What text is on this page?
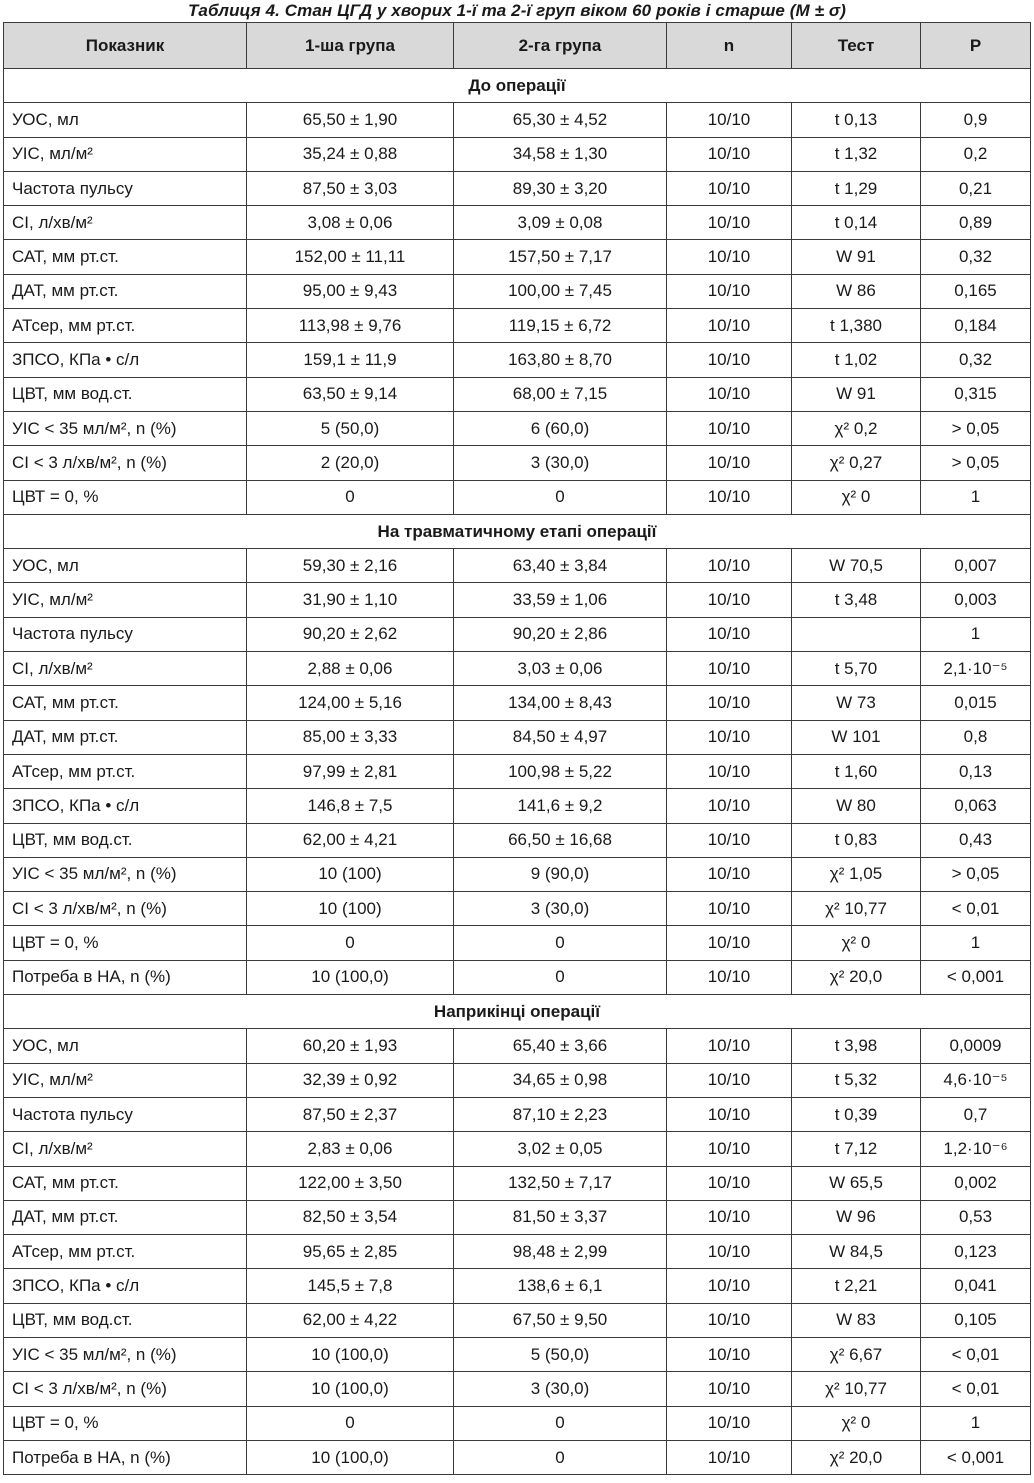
Таблиця 4. Стан ЦГД у хворих 1-ї та 2-ї груп віком 60 років і старше (M ± σ)
Показник	1-ша група	2-га група	n	Тест	P
До операції					
УОС, мл	65,50 ± 1,90	65,30 ± 4,52	10/10	t 0,13	0,9
УІС, мл/м²	35,24 ± 0,88	34,58 ± 1,30	10/10	t 1,32	0,2
Частота пульсу	87,50 ± 3,03	89,30 ± 3,20	10/10	t 1,29	0,21
СІ, л/хв/м²	3,08 ± 0,06	3,09 ± 0,08	10/10	t 0,14	0,89
САТ, мм рт.ст.	152,00 ± 11,11	157,50 ± 7,17	10/10	W 91	0,32
ДАТ, мм рт.ст.	95,00 ± 9,43	100,00 ± 7,45	10/10	W 86	0,165
АТсер, мм рт.ст.	113,98 ± 9,76	119,15 ± 6,72	10/10	t 1,380	0,184
ЗПСО, КПа • с/л	159,1 ± 11,9	163,80 ± 8,70	10/10	t 1,02	0,32
ЦВТ, мм вод.ст.	63,50 ± 9,14	68,00 ± 7,15	10/10	W 91	0,315
УІС < 35 мл/м², n (%)	5 (50,0)	6 (60,0)	10/10	χ² 0,2	> 0,05
СІ < 3 л/хв/м², n (%)	2 (20,0)	3 (30,0)	10/10	χ² 0,27	> 0,05
ЦВТ = 0, %	0	0	10/10	χ² 0	1
На травматичному етапі операції					
УОС, мл	59,30 ± 2,16	63,40 ± 3,84	10/10	W 70,5	0,007
УІС, мл/м²	31,90 ± 1,10	33,59 ± 1,06	10/10	t 3,48	0,003
Частота пульсу	90,20 ± 2,62	90,20 ± 2,86	10/10		1
СІ, л/хв/м²	2,88 ± 0,06	3,03 ± 0,06	10/10	t 5,70	2,1·10⁻⁵
САТ, мм рт.ст.	124,00 ± 5,16	134,00 ± 8,43	10/10	W 73	0,015
ДАТ, мм рт.ст.	85,00 ± 3,33	84,50 ± 4,97	10/10	W 101	0,8
АТсер, мм рт.ст.	97,99 ± 2,81	100,98 ± 5,22	10/10	t 1,60	0,13
ЗПСО, КПа • с/л	146,8 ± 7,5	141,6 ± 9,2	10/10	W 80	0,063
ЦВТ, мм вод.ст.	62,00 ± 4,21	66,50 ± 16,68	10/10	t 0,83	0,43
УІС < 35 мл/м², n (%)	10 (100)	9 (90,0)	10/10	χ² 1,05	> 0,05
СІ < 3 л/хв/м², n (%)	10 (100)	3 (30,0)	10/10	χ² 10,77	< 0,01
ЦВТ = 0, %	0	0	10/10	χ² 0	1
Потреба в НА, n (%)	10 (100,0)	0	10/10	χ² 20,0	< 0,001
Наприкінці операції					
УОС, мл	60,20 ± 1,93	65,40 ± 3,66	10/10	t 3,98	0,0009
УІС, мл/м²	32,39 ± 0,92	34,65 ± 0,98	10/10	t 5,32	4,6·10⁻⁵
Частота пульсу	87,50 ± 2,37	87,10 ± 2,23	10/10	t 0,39	0,7
СІ, л/хв/м²	2,83 ± 0,06	3,02 ± 0,05	10/10	t 7,12	1,2·10⁻⁶
САТ, мм рт.ст.	122,00 ± 3,50	132,50 ± 7,17	10/10	W 65,5	0,002
ДАТ, мм рт.ст.	82,50 ± 3,54	81,50 ± 3,37	10/10	W 96	0,53
АТсер, мм рт.ст.	95,65 ± 2,85	98,48 ± 2,99	10/10	W 84,5	0,123
ЗПСО, КПа • с/л	145,5 ± 7,8	138,6 ± 6,1	10/10	t 2,21	0,041
ЦВТ, мм вод.ст.	62,00 ± 4,22	67,50 ± 9,50	10/10	W 83	0,105
УІС < 35 мл/м², n (%)	10 (100,0)	5 (50,0)	10/10	χ² 6,67	< 0,01
СІ < 3 л/хв/м², n (%)	10 (100,0)	3 (30,0)	10/10	χ² 10,77	< 0,01
ЦВТ = 0, %	0	0	10/10	χ² 0	1
Потреба в НА, n (%)	10 (100,0)	0	10/10	χ² 20,0	< 0,001
